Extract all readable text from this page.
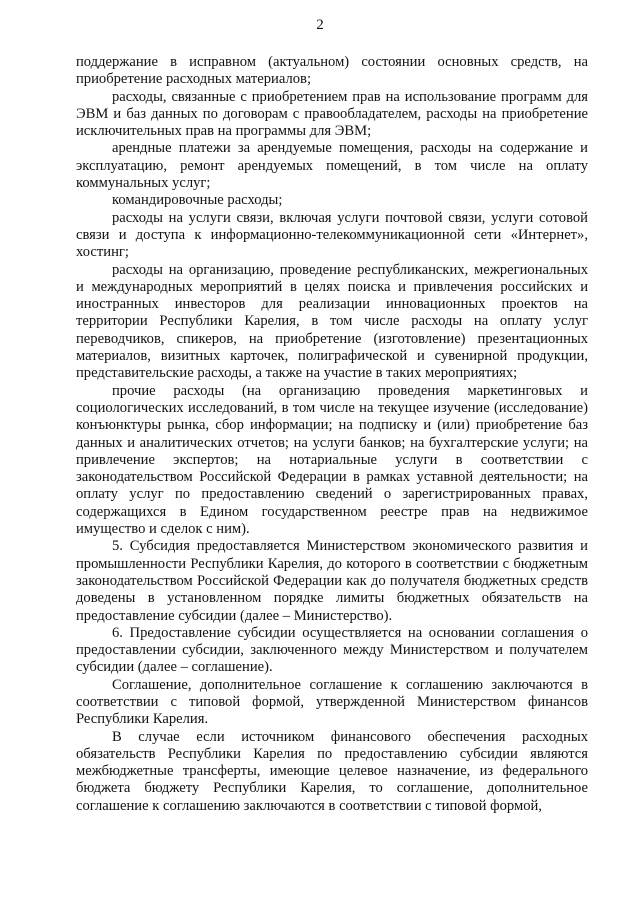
2

поддержание в исправном (актуальном) состоянии основных средств, на приобретение расходных материалов;

расходы, связанные с приобретением прав на использование программ для ЭВМ и баз данных по договорам с правообладателем, расходы на приобретение исключительных прав на программы для ЭВМ;

арендные платежи за арендуемые помещения, расходы на содержание и эксплуатацию, ремонт арендуемых помещений, в том числе на оплату коммунальных услуг;

командировочные расходы;

расходы на услуги связи, включая услуги почтовой связи, услуги сотовой связи и доступа к информационно-телекоммуникационной сети «Интернет», хостинг;

расходы на организацию, проведение республиканских, межрегиональных и международных мероприятий в целях поиска и привлечения российских и иностранных инвесторов для реализации инновационных проектов на территории Республики Карелия, в том числе расходы на оплату услуг переводчиков, спикеров, на приобретение (изготовление) презентационных материалов, визитных карточек, полиграфической и сувенирной продукции, представительские расходы, а также на участие в таких мероприятиях;

прочие расходы (на организацию проведения маркетинговых и социологических исследований, в том числе на текущее изучение (исследование) конъюнктуры рынка, сбор информации; на подписку и (или) приобретение баз данных и аналитических отчетов; на услуги банков; на бухгалтерские услуги; на привлечение экспертов; на нотариальные услуги в соответствии с законодательством Российской Федерации в рамках уставной деятельности; на оплату услуг по предоставлению сведений о зарегистрированных правах, содержащихся в Едином государственном реестре прав на недвижимое имущество и сделок с ним).

5. Субсидия предоставляется Министерством экономического развития и промышленности Республики Карелия, до которого в соответствии с бюджетным законодательством Российской Федерации как до получателя бюджетных средств доведены в установленном порядке лимиты бюджетных обязательств на предоставление субсидии (далее – Министерство).

6. Предоставление субсидии осуществляется на основании соглашения о предоставлении субсидии, заключенного между Министерством и получателем субсидии (далее – соглашение).

Соглашение, дополнительное соглашение к соглашению заключаются в соответствии с типовой формой, утвержденной Министерством финансов Республики Карелия.

В случае если источником финансового обеспечения расходных обязательств Республики Карелия по предоставлению субсидии являются межбюджетные трансферты, имеющие целевое назначение, из федерального бюджета бюджету Республики Карелия, то соглашение, дополнительное соглашение к соглашению заключаются в соответствии с типовой формой,
